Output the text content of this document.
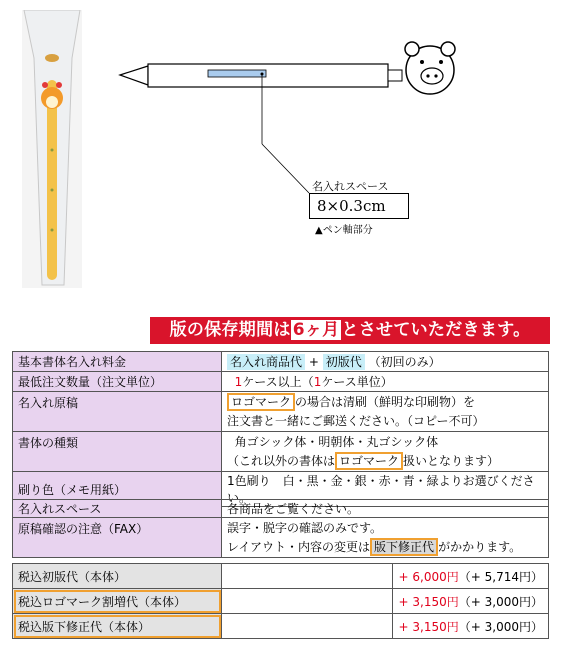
名入れスペース
8×0.3cm
▲ペン軸部分
版の保存期間は 6ヶ月 とさせていただきます。
基本書体名入れ料金	名入れ商品代 + 初版代 （初回のみ）
最低注文数量（注文単位）	1ケース以上（1ケース単位）
名入れ原稿	ロゴマーク の場合は清刷（鮮明な印刷物）を
注文書と一緒にご郵送ください。（コピー不可）
書体の種類	角ゴシック体・明朝体・丸ゴシック体
（これ以外の書体は ロゴマーク 扱いとなります）
刷り色（メモ用紙）	1色刷り　白・黒・金・銀・赤・青・緑よりお選びください。
名入れスペース	各商品をご覧ください。	
原稿確認の注意（FAX）	誤字・脱字の確認のみです。
レイアウト・内容の変更は 版下修正代 がかかります。	

税込初版代（本体）		+ 6,000円（+ 5,714円）
税込ロゴマーク割増代（本体）		+ 3,150円（+ 3,000円）
税込版下修正代（本体）		+ 3,150円（+ 3,000円）
